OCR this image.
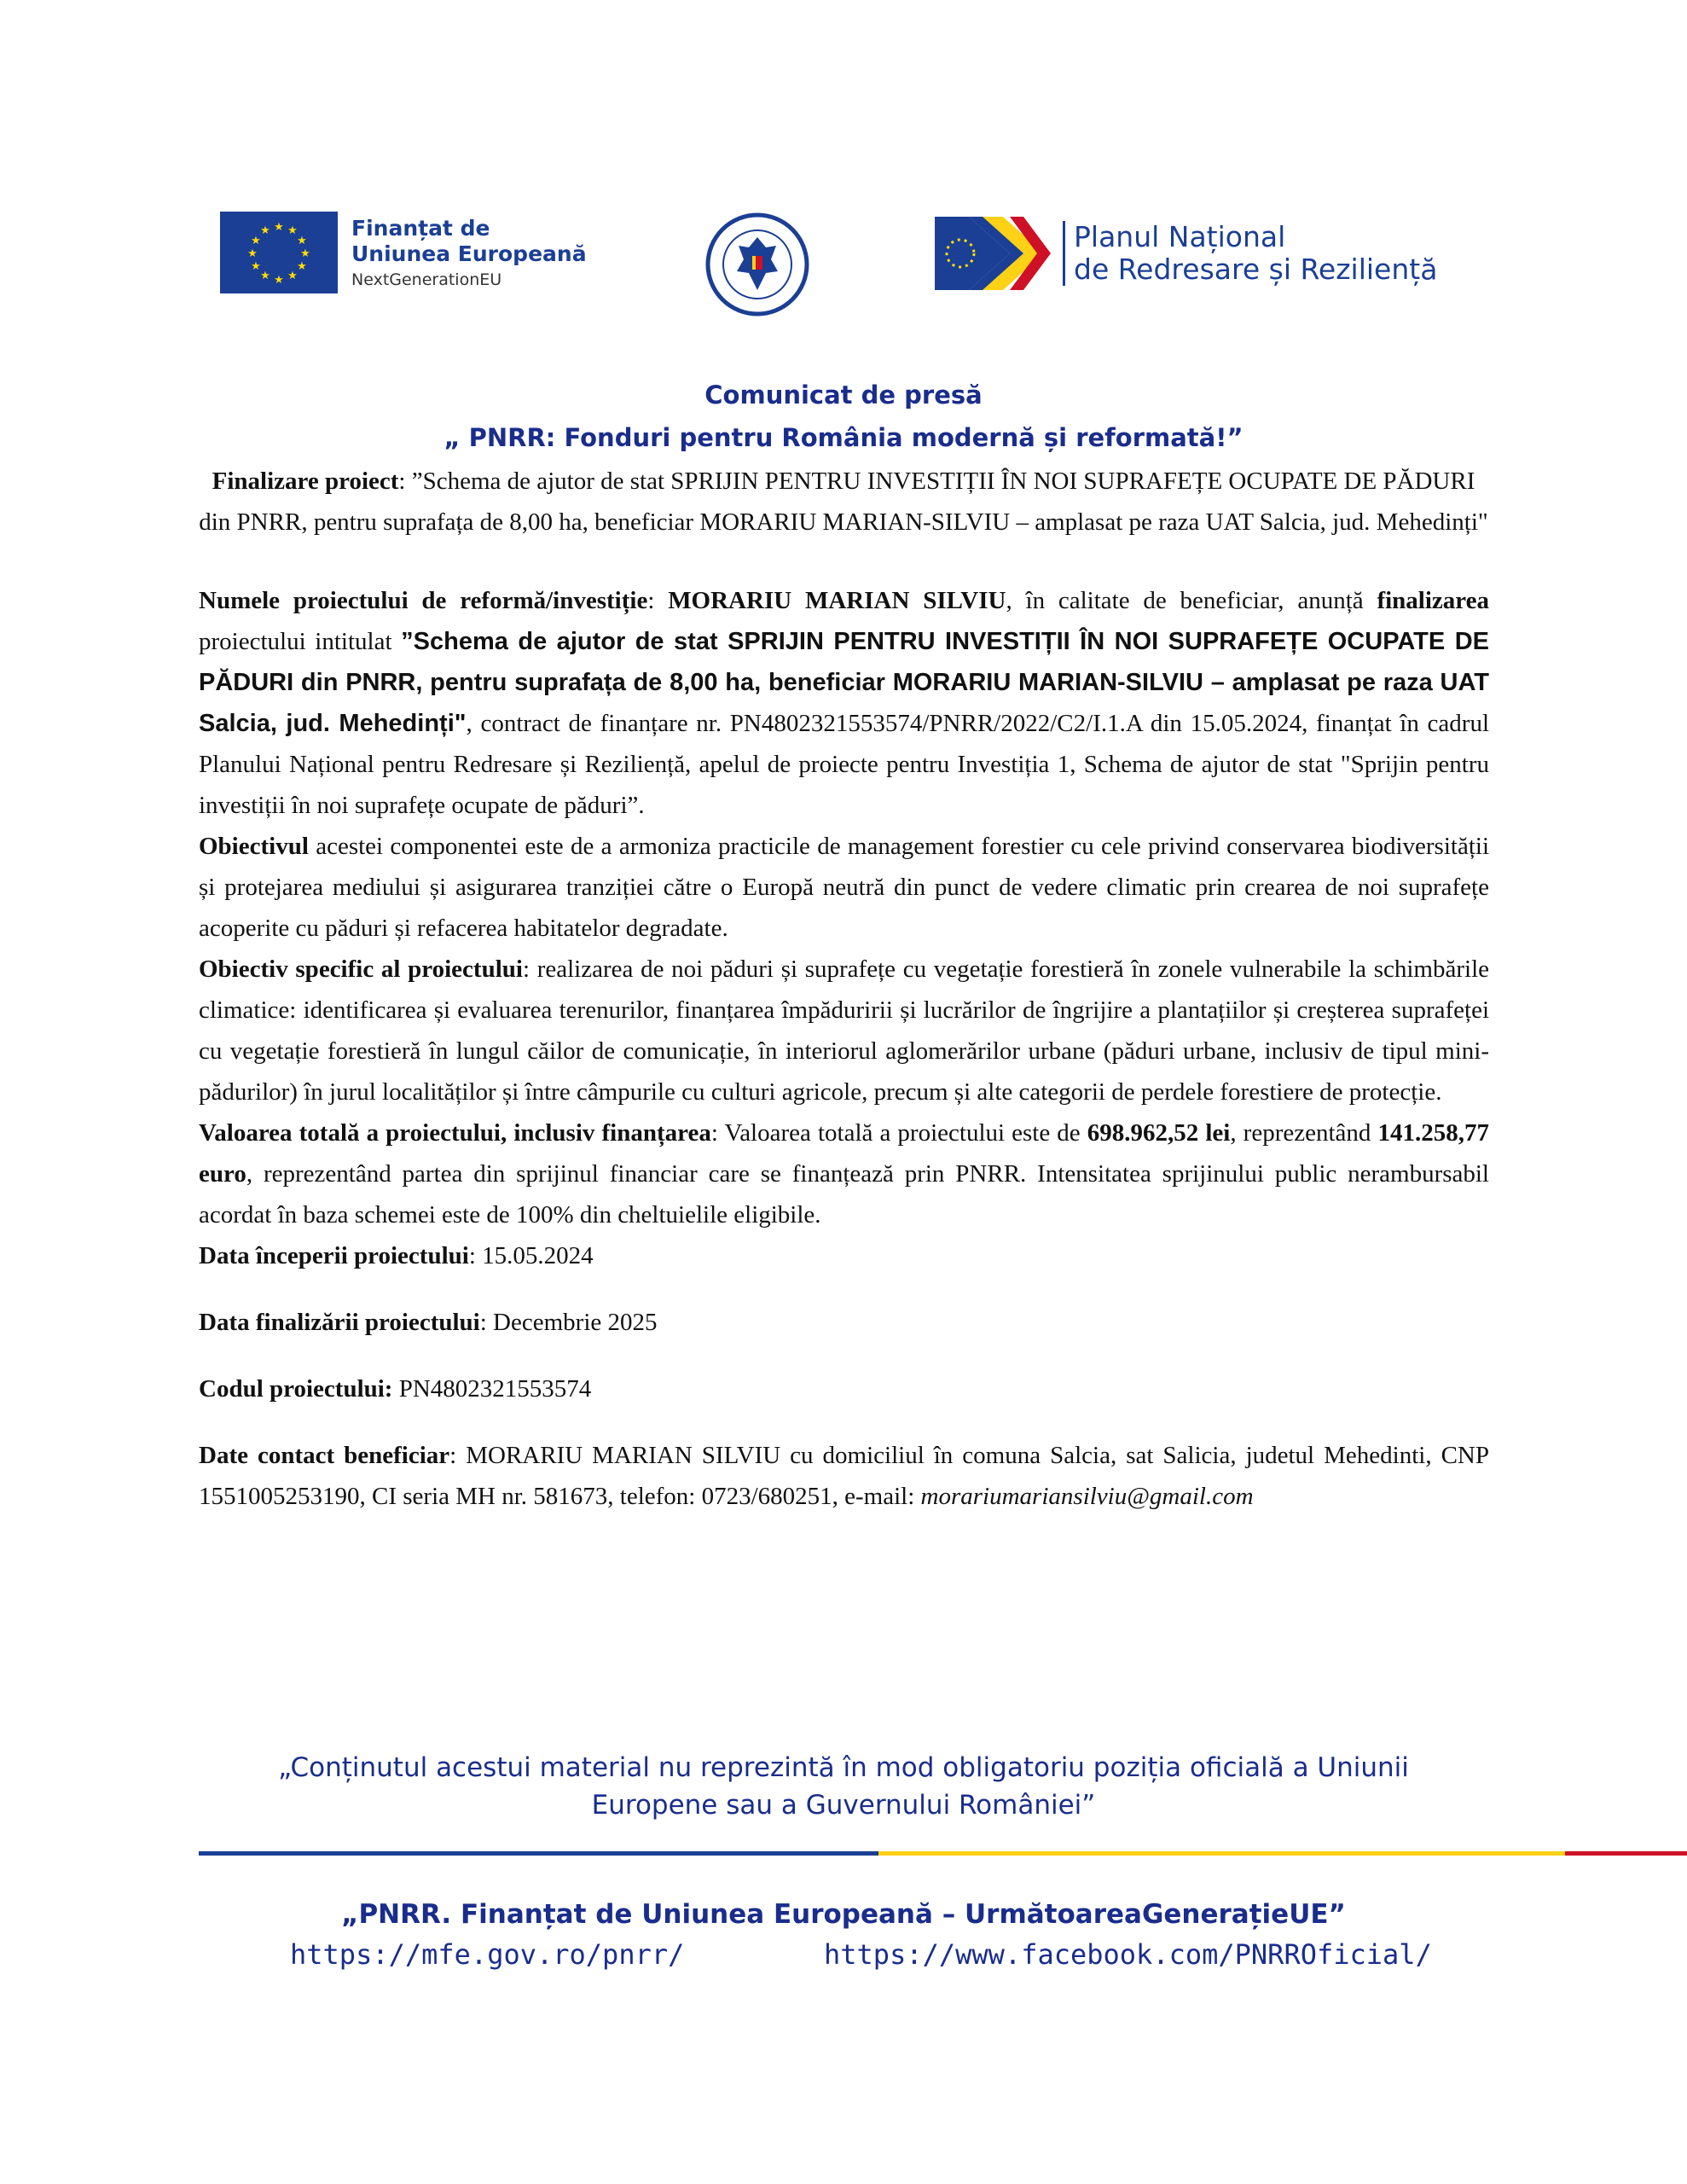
★ ★
★
★
★
★
★
★
★
★
★
★	Finanțat de
Uniunea Europeană
NextGenerationEU
Planul Național
de Redresare și Reziliență
Comunicat de presă
„ PNRR: Fonduri pentru România modernă și reformată!”
Finalizare proiect: ”Schema de ajutor de stat SPRIJIN PENTRU INVESTIȚII ÎN NOI SUPRAFEȚE OCUPATE DE PĂDURI din PNRR, pentru suprafața de 8,00 ha, beneficiar MORARIU MARIAN-SILVIU – amplasat pe raza UAT Salcia, jud. Mehedinți"

Numele proiectului de reformă/investiție: MORARIU MARIAN SILVIU, în calitate de beneficiar, anunță finalizarea proiectului intitulat ”Schema de ajutor de stat SPRIJIN PENTRU INVESTIȚII ÎN NOI SUPRAFEȚE OCUPATE DE PĂDURI din PNRR, pentru suprafața de 8,00 ha, beneficiar MORARIU MARIAN-SILVIU – amplasat pe raza UAT Salcia, jud. Mehedinți", contract de finanțare nr. PN4802321553574/PNRR/2022/C2/I.1.A din 15.05.2024, finanțat în cadrul Planului Național pentru Redresare și Reziliență, apelul de proiecte pentru Investiția 1, Schema de ajutor de stat "Sprijin pentru investiții în noi suprafețe ocupate de păduri”.

Obiectivul acestei componentei este de a armoniza practicile de management forestier cu cele privind conservarea biodiversității și protejarea mediului și asigurarea tranziției către o Europă neutră din punct de vedere climatic prin crearea de noi suprafețe acoperite cu păduri și refacerea habitatelor degradate.

Obiectiv specific al proiectului: realizarea de noi păduri și suprafețe cu vegetație forestieră în zonele vulnerabile la schimbările climatice: identificarea și evaluarea terenurilor, finanțarea împăduririi și lucrărilor de îngrijire a plantațiilor și creșterea suprafeței cu vegetație forestieră în lungul căilor de comunicație, în interiorul aglomerărilor urbane (păduri urbane, inclusiv de tipul mini-pădurilor) în jurul localităților și între câmpurile cu culturi agricole, precum și alte categorii de perdele forestiere de protecție.

Valoarea totală a proiectului, inclusiv finanțarea: Valoarea totală a proiectului este de 698.962,52 lei, reprezentând 141.258,77 euro, reprezentând partea din sprijinul financiar care se finanțează prin PNRR. Intensitatea sprijinului public nerambursabil acordat în baza schemei este de 100% din cheltuielile eligibile.

Data începerii proiectului: 15.05.2024

Data finalizării proiectului: Decembrie 2025

Codul proiectului: PN4802321553574

Date contact beneficiar: MORARIU MARIAN SILVIU cu domiciliul în comuna Salcia, sat Salicia, judetul Mehedinti, CNP 1551005253190, CI seria MH nr. 581673, telefon: 0723/680251, e-mail: morariumariansilviu@gmail.com

„Conținutul acestui material nu reprezintă în mod obligatoriu poziția oficială a Uniunii
Europene sau a Guvernului României”
„PNRR. Finanțat de Uniunea Europeană – UrmătoareaGenerațieUE”
https://mfe.gov.ro/pnrr/	https://www.facebook.com/PNRROficial/
